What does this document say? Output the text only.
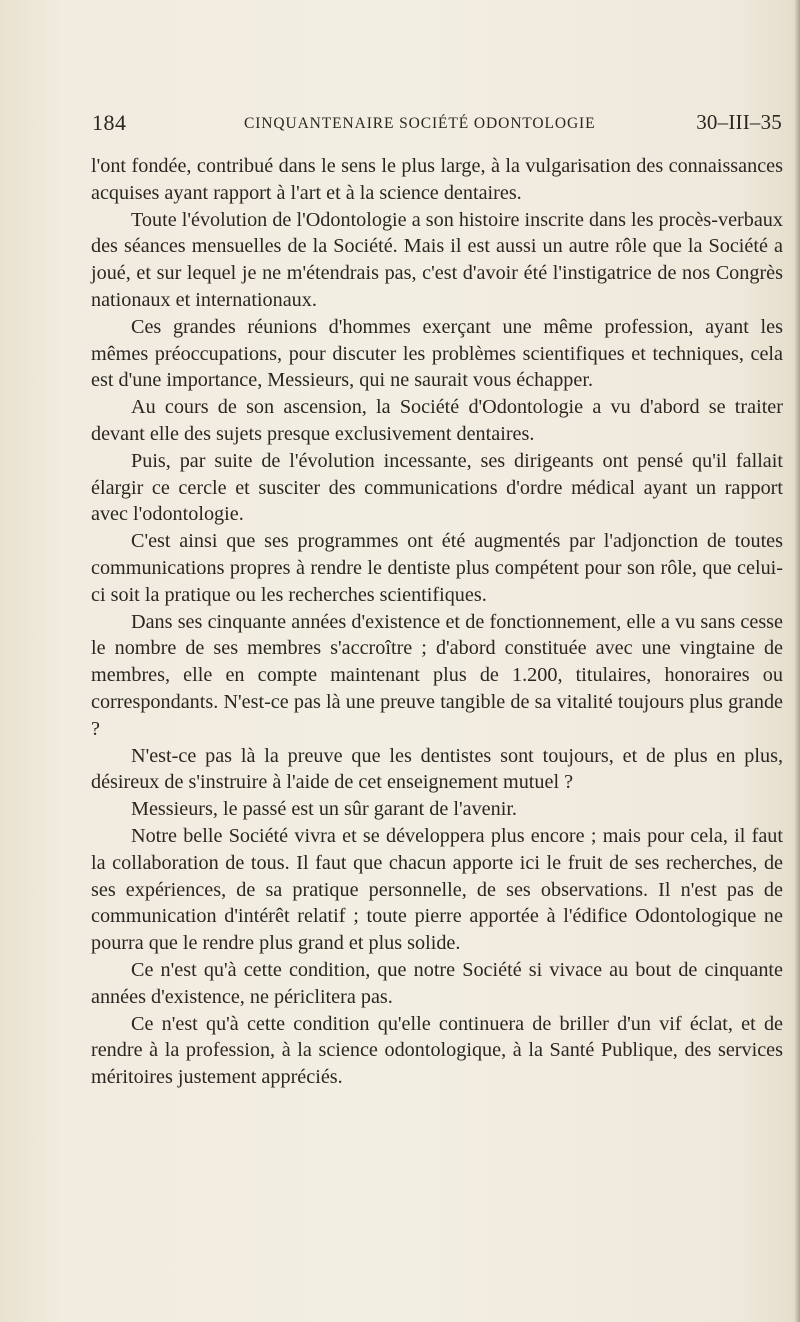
184	CINQUANTENAIRE SOCIÉTÉ ODONTOLOGIE	30–III–35

l'ont fondée, contribué dans le sens le plus large, à la vulgarisation des connaissances acquises ayant rapport à l'art et à la science dentaires.

Toute l'évolution de l'Odontologie a son histoire inscrite dans les procès-verbaux des séances mensuelles de la Société. Mais il est aussi un autre rôle que la Société a joué, et sur lequel je ne m'étendrais pas, c'est d'avoir été l'instigatrice de nos Congrès nationaux et internationaux.

Ces grandes réunions d'hommes exerçant une même profession, ayant les mêmes préoccupations, pour discuter les problèmes scientifiques et techniques, cela est d'une importance, Messieurs, qui ne saurait vous échapper.

Au cours de son ascension, la Société d'Odontologie a vu d'abord se traiter devant elle des sujets presque exclusivement dentaires.

Puis, par suite de l'évolution incessante, ses dirigeants ont pensé qu'il fallait élargir ce cercle et susciter des communications d'ordre médical ayant un rapport avec l'odontologie.

C'est ainsi que ses programmes ont été augmentés par l'adjonction de toutes communications propres à rendre le dentiste plus compétent pour son rôle, que celui-ci soit la pratique ou les recherches scientifiques.

Dans ses cinquante années d'existence et de fonctionnement, elle a vu sans cesse le nombre de ses membres s'accroître ; d'abord constituée avec une vingtaine de membres, elle en compte maintenant plus de 1.200, titulaires, honoraires ou correspondants. N'est-ce pas là une preuve tangible de sa vitalité toujours plus grande ?

N'est-ce pas là la preuve que les dentistes sont toujours, et de plus en plus, désireux de s'instruire à l'aide de cet enseignement mutuel ?

Messieurs, le passé est un sûr garant de l'avenir.

Notre belle Société vivra et se développera plus encore ; mais pour cela, il faut la collaboration de tous. Il faut que chacun apporte ici le fruit de ses recherches, de ses expériences, de sa pratique personnelle, de ses observations. Il n'est pas de communication d'intérêt relatif ; toute pierre apportée à l'édifice Odontologique ne pourra que le rendre plus grand et plus solide.

Ce n'est qu'à cette condition, que notre Société si vivace au bout de cinquante années d'existence, ne périclitera pas.

Ce n'est qu'à cette condition qu'elle continuera de briller d'un vif éclat, et de rendre à la profession, à la science odontologique, à la Santé Publique, des services méritoires justement appréciés.
